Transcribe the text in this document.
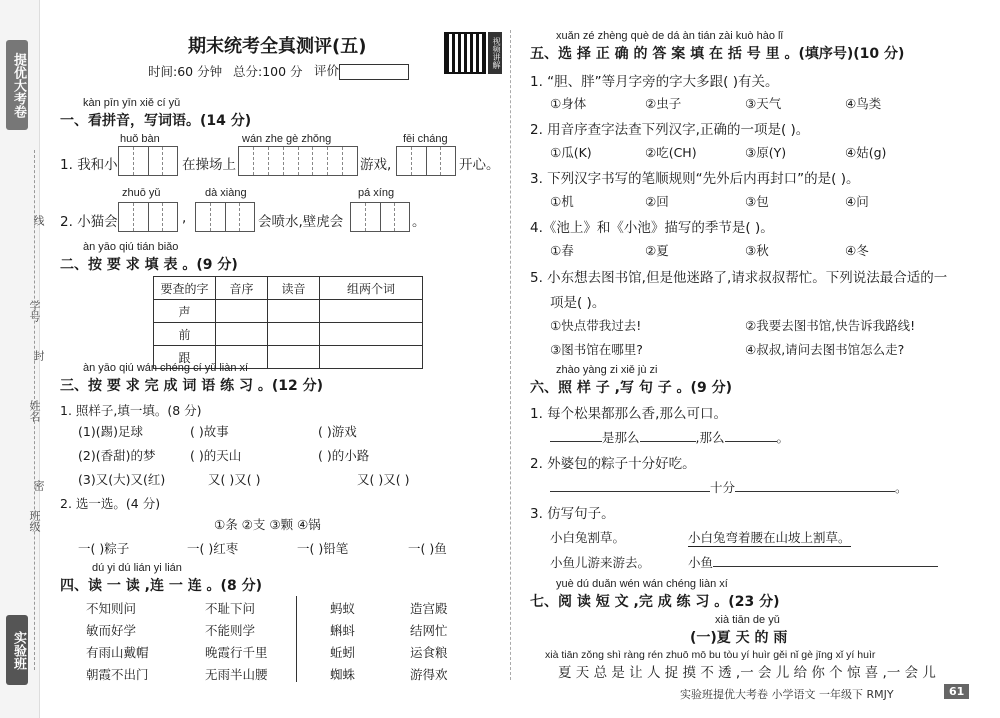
提优大考卷
学号
姓名
班级
线
封
密
实验班
期末统考全真测评(五)
时间:60 分钟 总分:100 分 评价
视频讲解
kàn pīn yīn xiě cí yǔ
一、看拼音，写词语。(14 分)
huǒ bàn	wán zhe gè zhǒng	fēi cháng
1. 我和小	在操场上	游戏,	开心。
zhuō yǔ	dà xiàng	pá xíng
2. 小猫会	,	会喷水,壁虎会	。
àn yāo qiú tián biǎo
二、按 要 求 填 表 。(9 分)
要查的字	音序	读音	组两个词
声			
前			
跟			
àn yāo qiú wán chéng cí yǔ liàn xí
三、按 要 求 完 成 词 语 练 习 。(12 分)
1. 照样子,填一填。(8 分)
(1)(踢)足球	( )故事	( )游戏
(2)(香甜)的梦	( )的天山	( )的小路
(3)又(大)又(红)	又( )又( )	又( )又( )
2. 选一选。(4 分)
①条 ②支 ③颗 ④锅
一( )粽子	一( )红枣	一( )铅笔	一( )鱼
dú yi dú lián yi lián
四、读 一 读 ,连 一 连 。(8 分)
不知则问
敏而好学
有雨山戴帽
朝霞不出门
不耻下问
不能则学
晚霞行千里
无雨半山腰
蚂蚁
蝌蚪
蚯蚓
蜘蛛
造宫殿
结网忙
运食粮
游得欢
xuǎn zé zhèng què de dá àn tián zài kuò hào lǐ
五、选 择 正 确 的 答 案 填 在 括 号 里 。(填序号)(10 分)
1. “胆、胖”等月字旁的字大多跟( )有关。
①身体	②虫子	③天气	④鸟类
2. 用音序查字法查下列汉字,正确的一项是( )。
①瓜(K)	②吃(CH)	③原(Y)	④姑(g)
3. 下列汉字书写的笔顺规则“先外后内再封口”的是( )。
①机	②回	③包	④问
4.《池上》和《小池》描写的季节是( )。
①春	②夏	③秋	④冬
5. 小东想去图书馆,但是他迷路了,请求叔叔帮忙。下列说法最合适的一
项是( )。
①快点带我过去!	②我要去图书馆,快告诉我路线!
③图书馆在哪里?	④叔叔,请问去图书馆怎么走?
zhào yàng zi xiě jù zi
六、照 样 子 ,写 句 子 。(9 分)
1. 每个松果都那么香,那么可口。
是那么	,那么	。
2. 外婆包的粽子十分好吃。
十分	。
3. 仿写句子。
小白兔割草。	小白兔弯着腰在山坡上割草。
小鱼儿游来游去。	小鱼
yuè dú duǎn wén wán chéng liàn xí
七、阅 读 短 文 ,完 成 练 习 。(23 分)
xià tiān de yǔ
(一)夏 天 的 雨
xià tiān zǒng shì ràng rén zhuō mō bu tòu yí huìr gěi nǐ gè jīng xǐ yí huìr
夏 天 总 是 让 人 捉 摸 不 透 ,一 会 儿 给 你 个 惊 喜 ,一 会 儿
实验班提优大考卷 小学语文 一年级下 RMJY	61
